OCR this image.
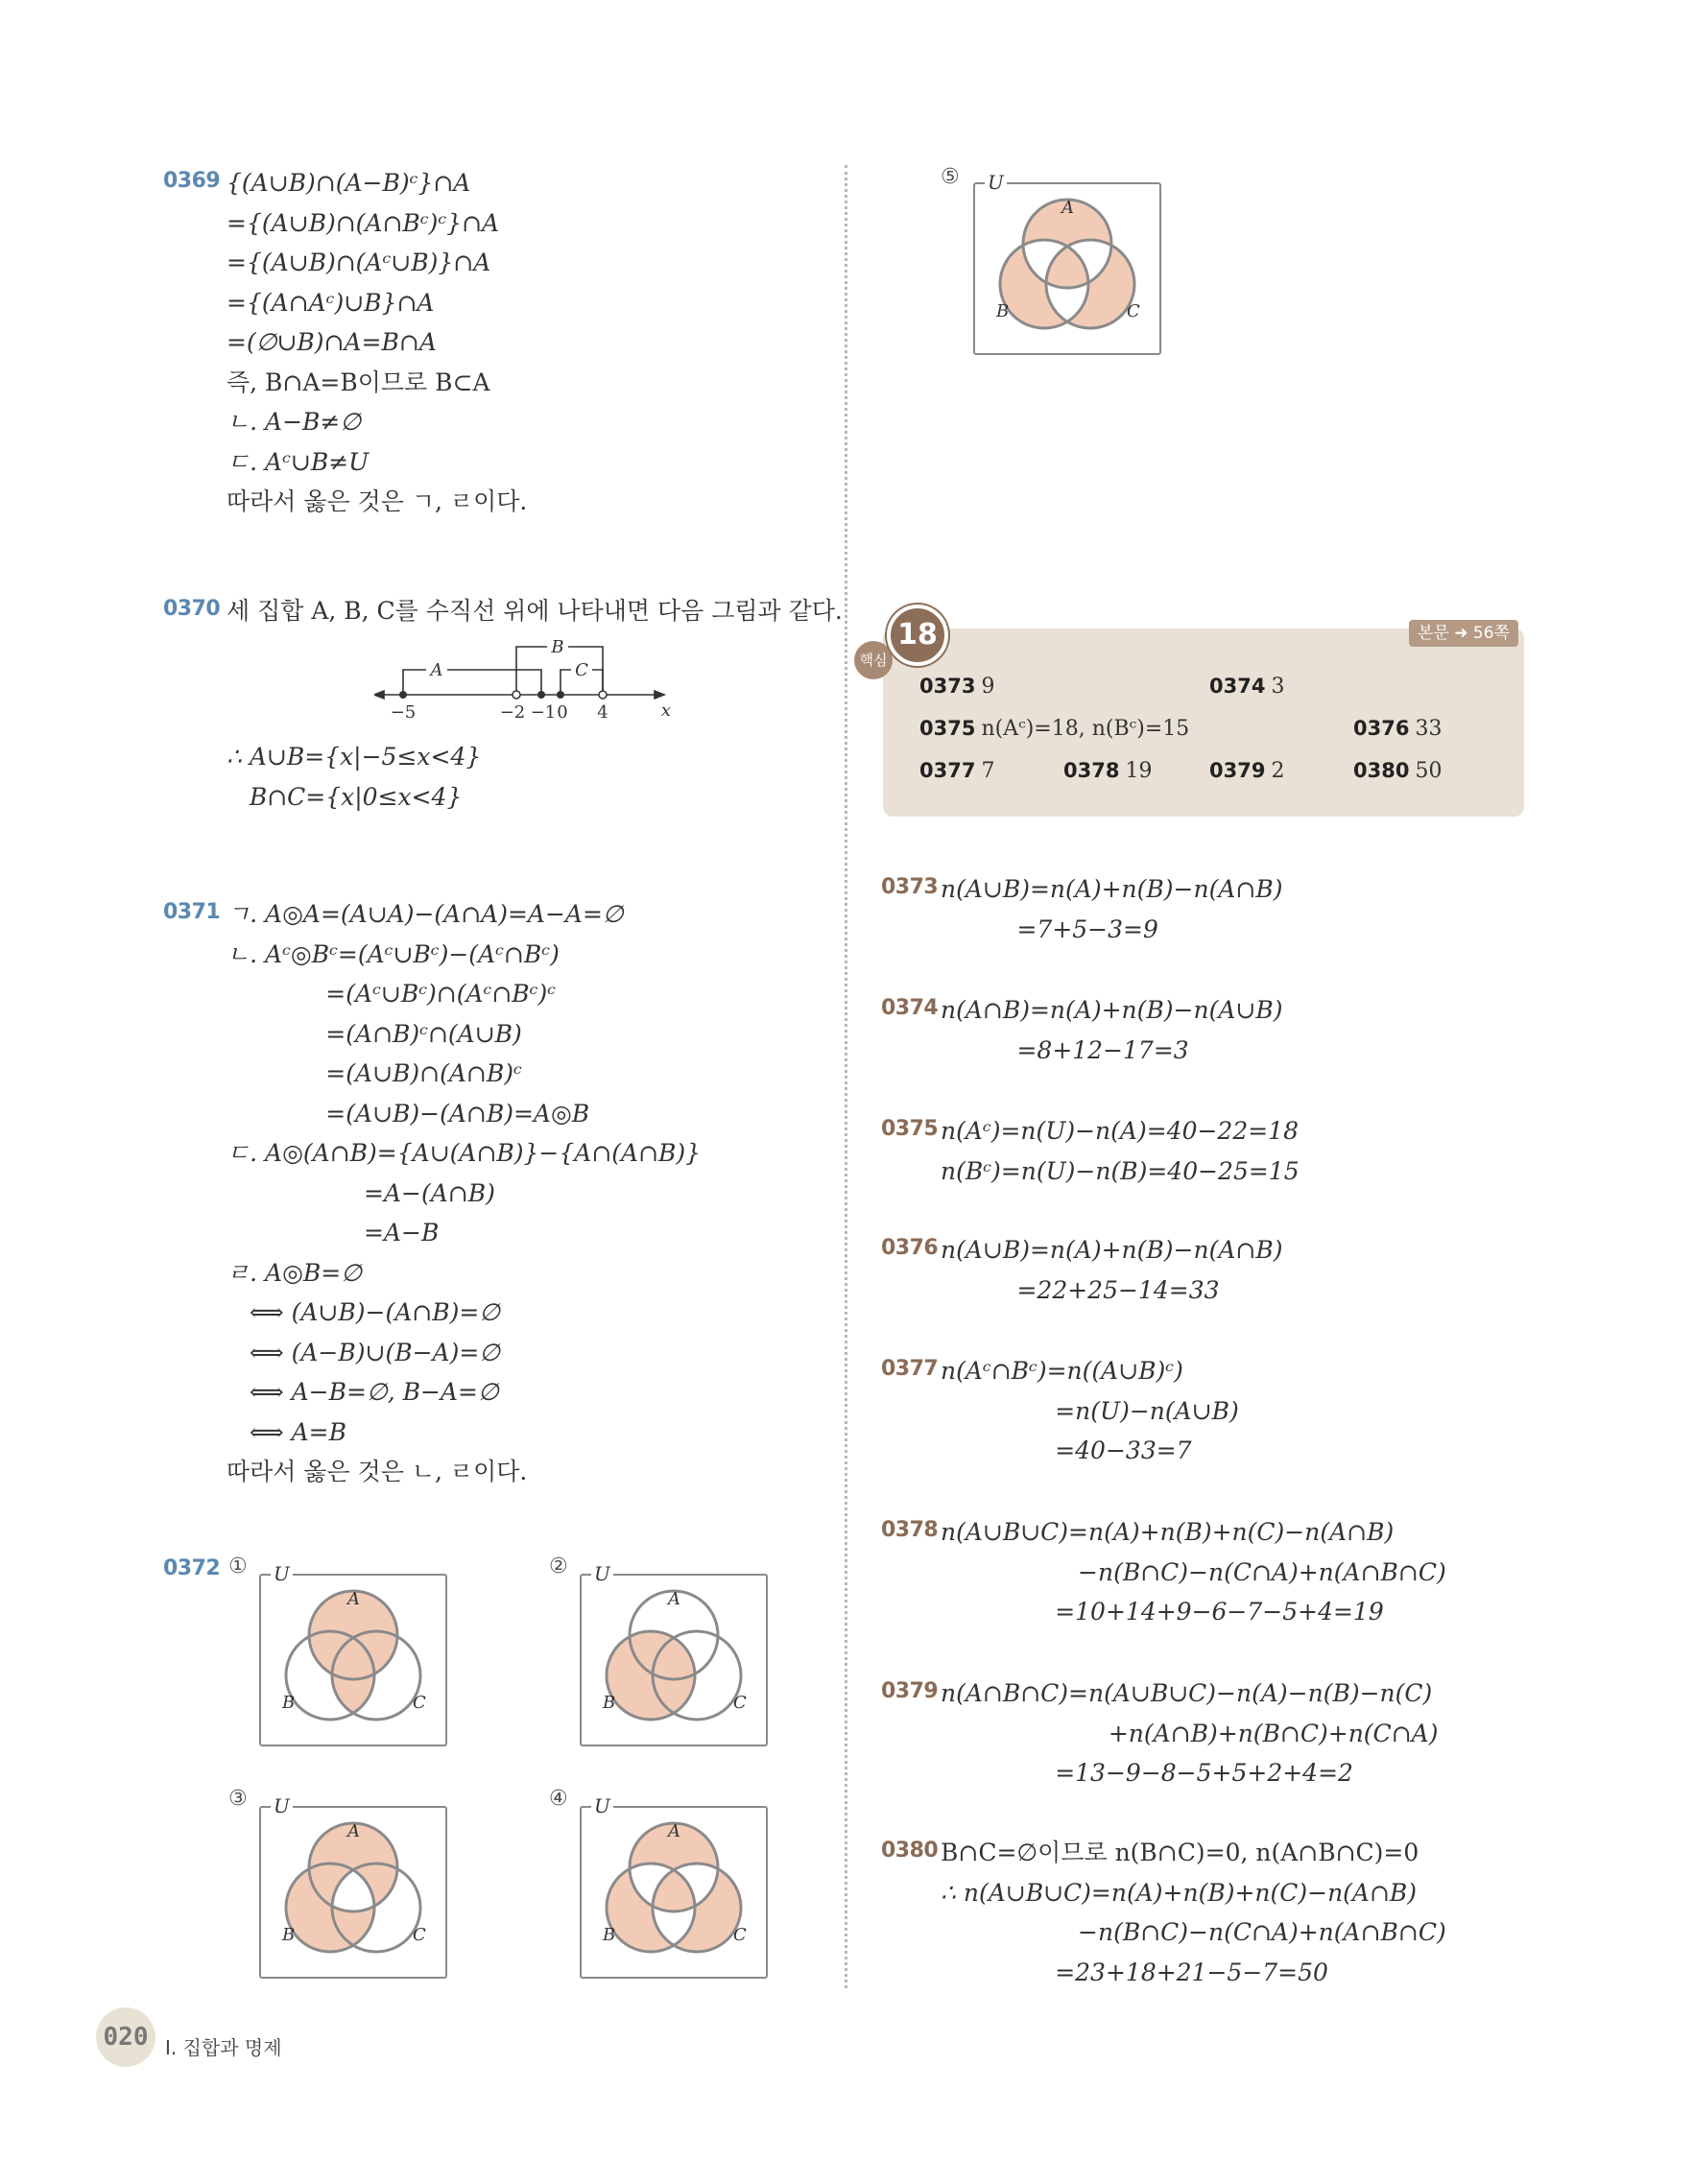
0369 {(A∪B)∩(A−B)ᶜ}∩A
={(A∪B)∩(A∩Bᶜ)ᶜ}∩A
={(A∪B)∩(Aᶜ∪B)}∩A
={(A∩Aᶜ)∪B}∩A
=(∅∪B)∩A=B∩A
즉, B∩A=B이므로 B⊂A
ㄴ. A−B≠∅
ㄷ. Aᶜ∪B≠U
따라서 옳은 것은 ㄱ, ㄹ이다.
0370 세 집합 A, B, C를 수직선 위에 나타내면 다음 그림과 같다.
A
B
C
−5	−2 −1 0 4	x
∴ A∪B={x|−5≤x<4}
B∩C={x|0≤x<4}
0371 ㄱ. A◎A=(A∪A)−(A∩A)=A−A=∅
ㄴ. Aᶜ◎Bᶜ=(Aᶜ∪Bᶜ)−(Aᶜ∩Bᶜ)
=(Aᶜ∪Bᶜ)∩(Aᶜ∩Bᶜ)ᶜ
=(A∩B)ᶜ∩(A∪B)
=(A∪B)∩(A∩B)ᶜ
=(A∪B)−(A∩B)=A◎B
ㄷ. A◎(A∩B)={A∪(A∩B)}−{A∩(A∩B)}
=A−(A∩B)
=A−B
ㄹ. A◎B=∅
⟺ (A∪B)−(A∩B)=∅
⟺ (A−B)∪(B−A)=∅
⟺ A−B=∅, B−A=∅
⟺ A=B
따라서 옳은 것은 ㄴ, ㄹ이다.
0372 ①
A
B	C
U	②
A
B	C
U
③
A
B	C
U	④
A
B	C
U
⑤
A
B	C
U
0373 9	0374 3
0375 n(Aᶜ)=18, n(Bᶜ)=15	0376 33
0377 7	0378 19	0379 2	0380 50
핵심
18	본문 ➜ 56쪽
0373 n(A∪B)=n(A)+n(B)−n(A∩B)
=7+5−3=9
0374 n(A∩B)=n(A)+n(B)−n(A∪B)
=8+12−17=3
0375 n(Aᶜ)=n(U)−n(A)=40−22=18
n(Bᶜ)=n(U)−n(B)=40−25=15
0376 n(A∪B)=n(A)+n(B)−n(A∩B)
=22+25−14=33
0377 n(Aᶜ∩Bᶜ)=n((A∪B)ᶜ)
=n(U)−n(A∪B)
=40−33=7
0378 n(A∪B∪C)=n(A)+n(B)+n(C)−n(A∩B)
−n(B∩C)−n(C∩A)+n(A∩B∩C)
=10+14+9−6−7−5+4=19
0379 n(A∩B∩C)=n(A∪B∪C)−n(A)−n(B)−n(C)
+n(A∩B)+n(B∩C)+n(C∩A)
=13−9−8−5+5+2+4=2
0380 B∩C=∅이므로 n(B∩C)=0, n(A∩B∩C)=0
∴ n(A∪B∪C)=n(A)+n(B)+n(C)−n(A∩B)
−n(B∩C)−n(C∩A)+n(A∩B∩C)
=23+18+21−5−7=50
020 I. 집합과 명제
